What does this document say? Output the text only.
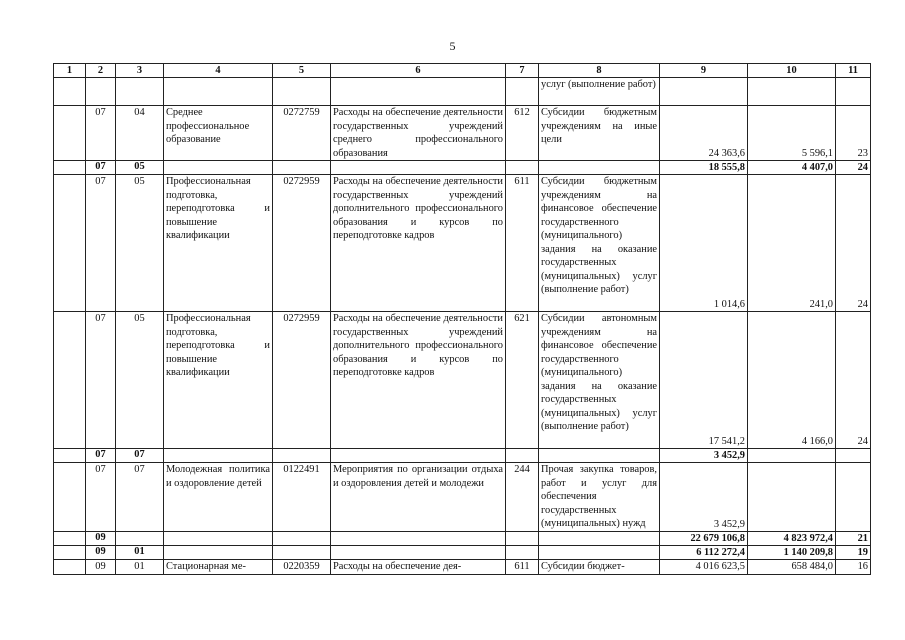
5
1	2	3	4	5	6	7	8	9	10	11
							услуг (выполнение работ)			
	07	04	Среднее профессиональное образование	0272759	Расходы на обеспечение деятельности государственных учреждений среднего профессионального образования	612	Субсидии бюджетным учреждениям на иные цели	24 363,6	5 596,1	23
	07	05						18 555,8	4 407,0	24
	07	05	Профессиональная подготовка, переподготовка и повышение квалификации	0272959	Расходы на обеспечение деятельности государственных учреждений дополнительного профессионального образования и курсов по переподготовке кадров	611	Субсидии бюджетным учреждениям на финансовое обеспечение государственного (муниципального) задания на оказание государственных (муниципальных) услуг (выполнение работ)	1 014,6	241,0	24
	07	05	Профессиональная подготовка, переподготовка и повышение квалификации	0272959	Расходы на обеспечение деятельности государственных учреждений дополнительного профессионального образования и курсов по переподготовке кадров	621	Субсидии автономным учреждениям на финансовое обеспечение государственного (муниципального) задания на оказание государственных (муниципальных) услуг (выполнение работ)	17 541,2	4 166,0	24
	07	07						3 452,9		
	07	07	Молодежная политика и оздоровление детей	0122491	Мероприятия по организации отдыха и оздоровления детей и молодежи	244	Прочая закупка товаров, работ и услуг для обеспечения государственных (муниципальных) нужд	3 452,9		
	09							22 679 106,8	4 823 972,4	21
	09	01						6 112 272,4	1 140 209,8	19
	09	01	Стационарная ме-	0220359	Расходы на обеспечение дея-	611	Субсидии бюджет-	4 016 623,5	658 484,0	16
